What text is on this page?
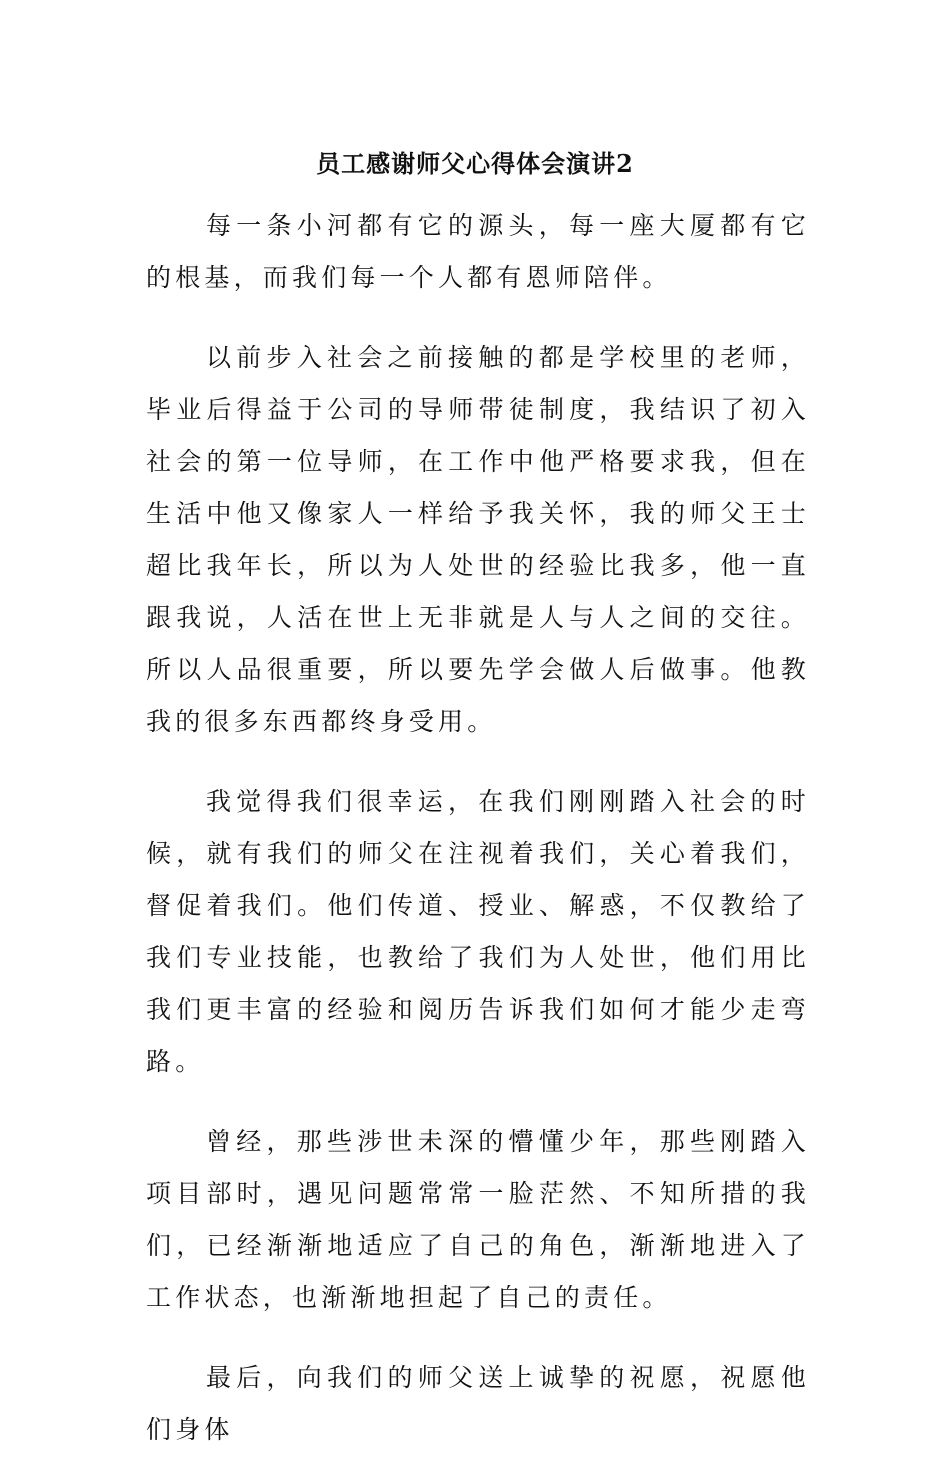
员工感谢师父心得体会演讲2

每一条小河都有它的源头，每一座大厦都有它的根基，而我们每一个人都有恩师陪伴。

以前步入社会之前接触的都是学校里的老师，毕业后得益于公司的导师带徒制度，我结识了初入社会的第一位导师，在工作中他严格要求我，但在生活中他又像家人一样给予我关怀，我的师父王士超比我年长，所以为人处世的经验比我多，他一直跟我说，人活在世上无非就是人与人之间的交往。所以人品很重要，所以要先学会做人后做事。他教我的很多东西都终身受用。

我觉得我们很幸运，在我们刚刚踏入社会的时候，就有我们的师父在注视着我们，关心着我们，督促着我们。他们传道、授业、解惑，不仅教给了我们专业技能，也教给了我们为人处世，他们用比我们更丰富的经验和阅历告诉我们如何才能少走弯路。

曾经，那些涉世未深的懵懂少年，那些刚踏入项目部时，遇见问题常常一脸茫然、不知所措的我们，已经渐渐地适应了自己的角色，渐渐地进入了工作状态，也渐渐地担起了自己的责任。

最后，向我们的师父送上诚挚的祝愿，祝愿他们身体
